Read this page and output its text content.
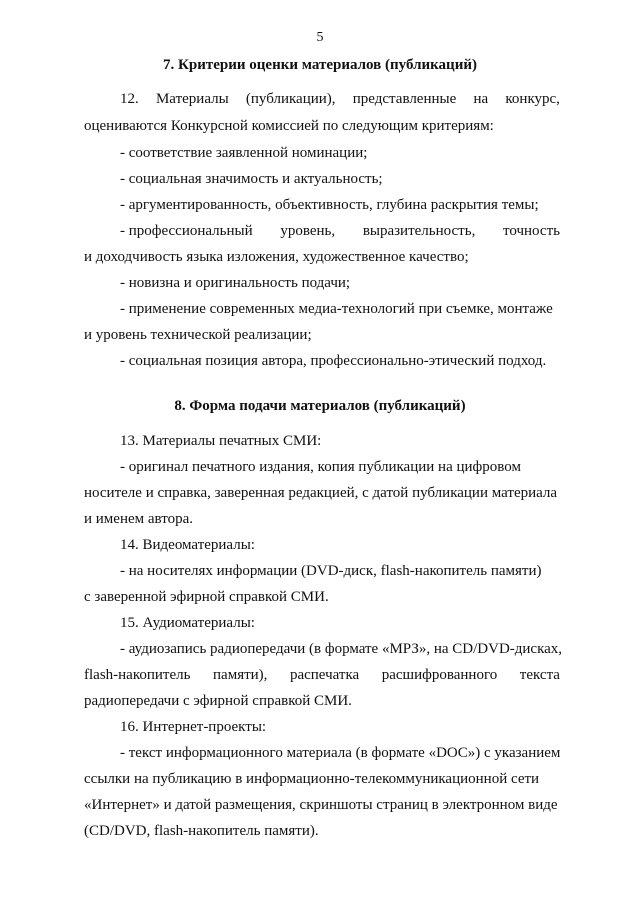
5
7. Критерии оценки материалов (публикаций)
12. Материалы (публикации), представленные на конкурс,
оцениваются Конкурсной комиссией по следующим критериям:
- соответствие заявленной номинации;
- социальная значимость и актуальность;
- аргументированность, объективность, глубина раскрытия темы;
- профессиональный уровень, выразительность, точность
и доходчивость языка изложения, художественное качество;
- новизна и оригинальность подачи;
- применение современных медиа-технологий при съемке, монтаже
и уровень технической реализации;
- социальная позиция автора, профессионально-этический подход.
8. Форма подачи материалов (публикаций)
13. Материалы печатных СМИ:
- оригинал печатного издания, копия публикации на цифровом
носителе и справка, заверенная редакцией, с датой публикации материала
и именем автора.
14. Видеоматериалы:
- на носителях информации (DVD-диск, flash-накопитель памяти)
с заверенной эфирной справкой СМИ.
15. Аудиоматериалы:
- аудиозапись радиопередачи (в формате «МРЗ», на CD/DVD-дисках,
flash-накопитель памяти), распечатка расшифрованного текста
радиопередачи с эфирной справкой СМИ.
16. Интернет-проекты:
- текст информационного материала (в формате «DOC») с указанием
ссылки на публикацию в информационно-телекоммуникационной сети
«Интернет» и датой размещения, скриншоты страниц в электронном виде
(CD/DVD, flash-накопитель памяти).
